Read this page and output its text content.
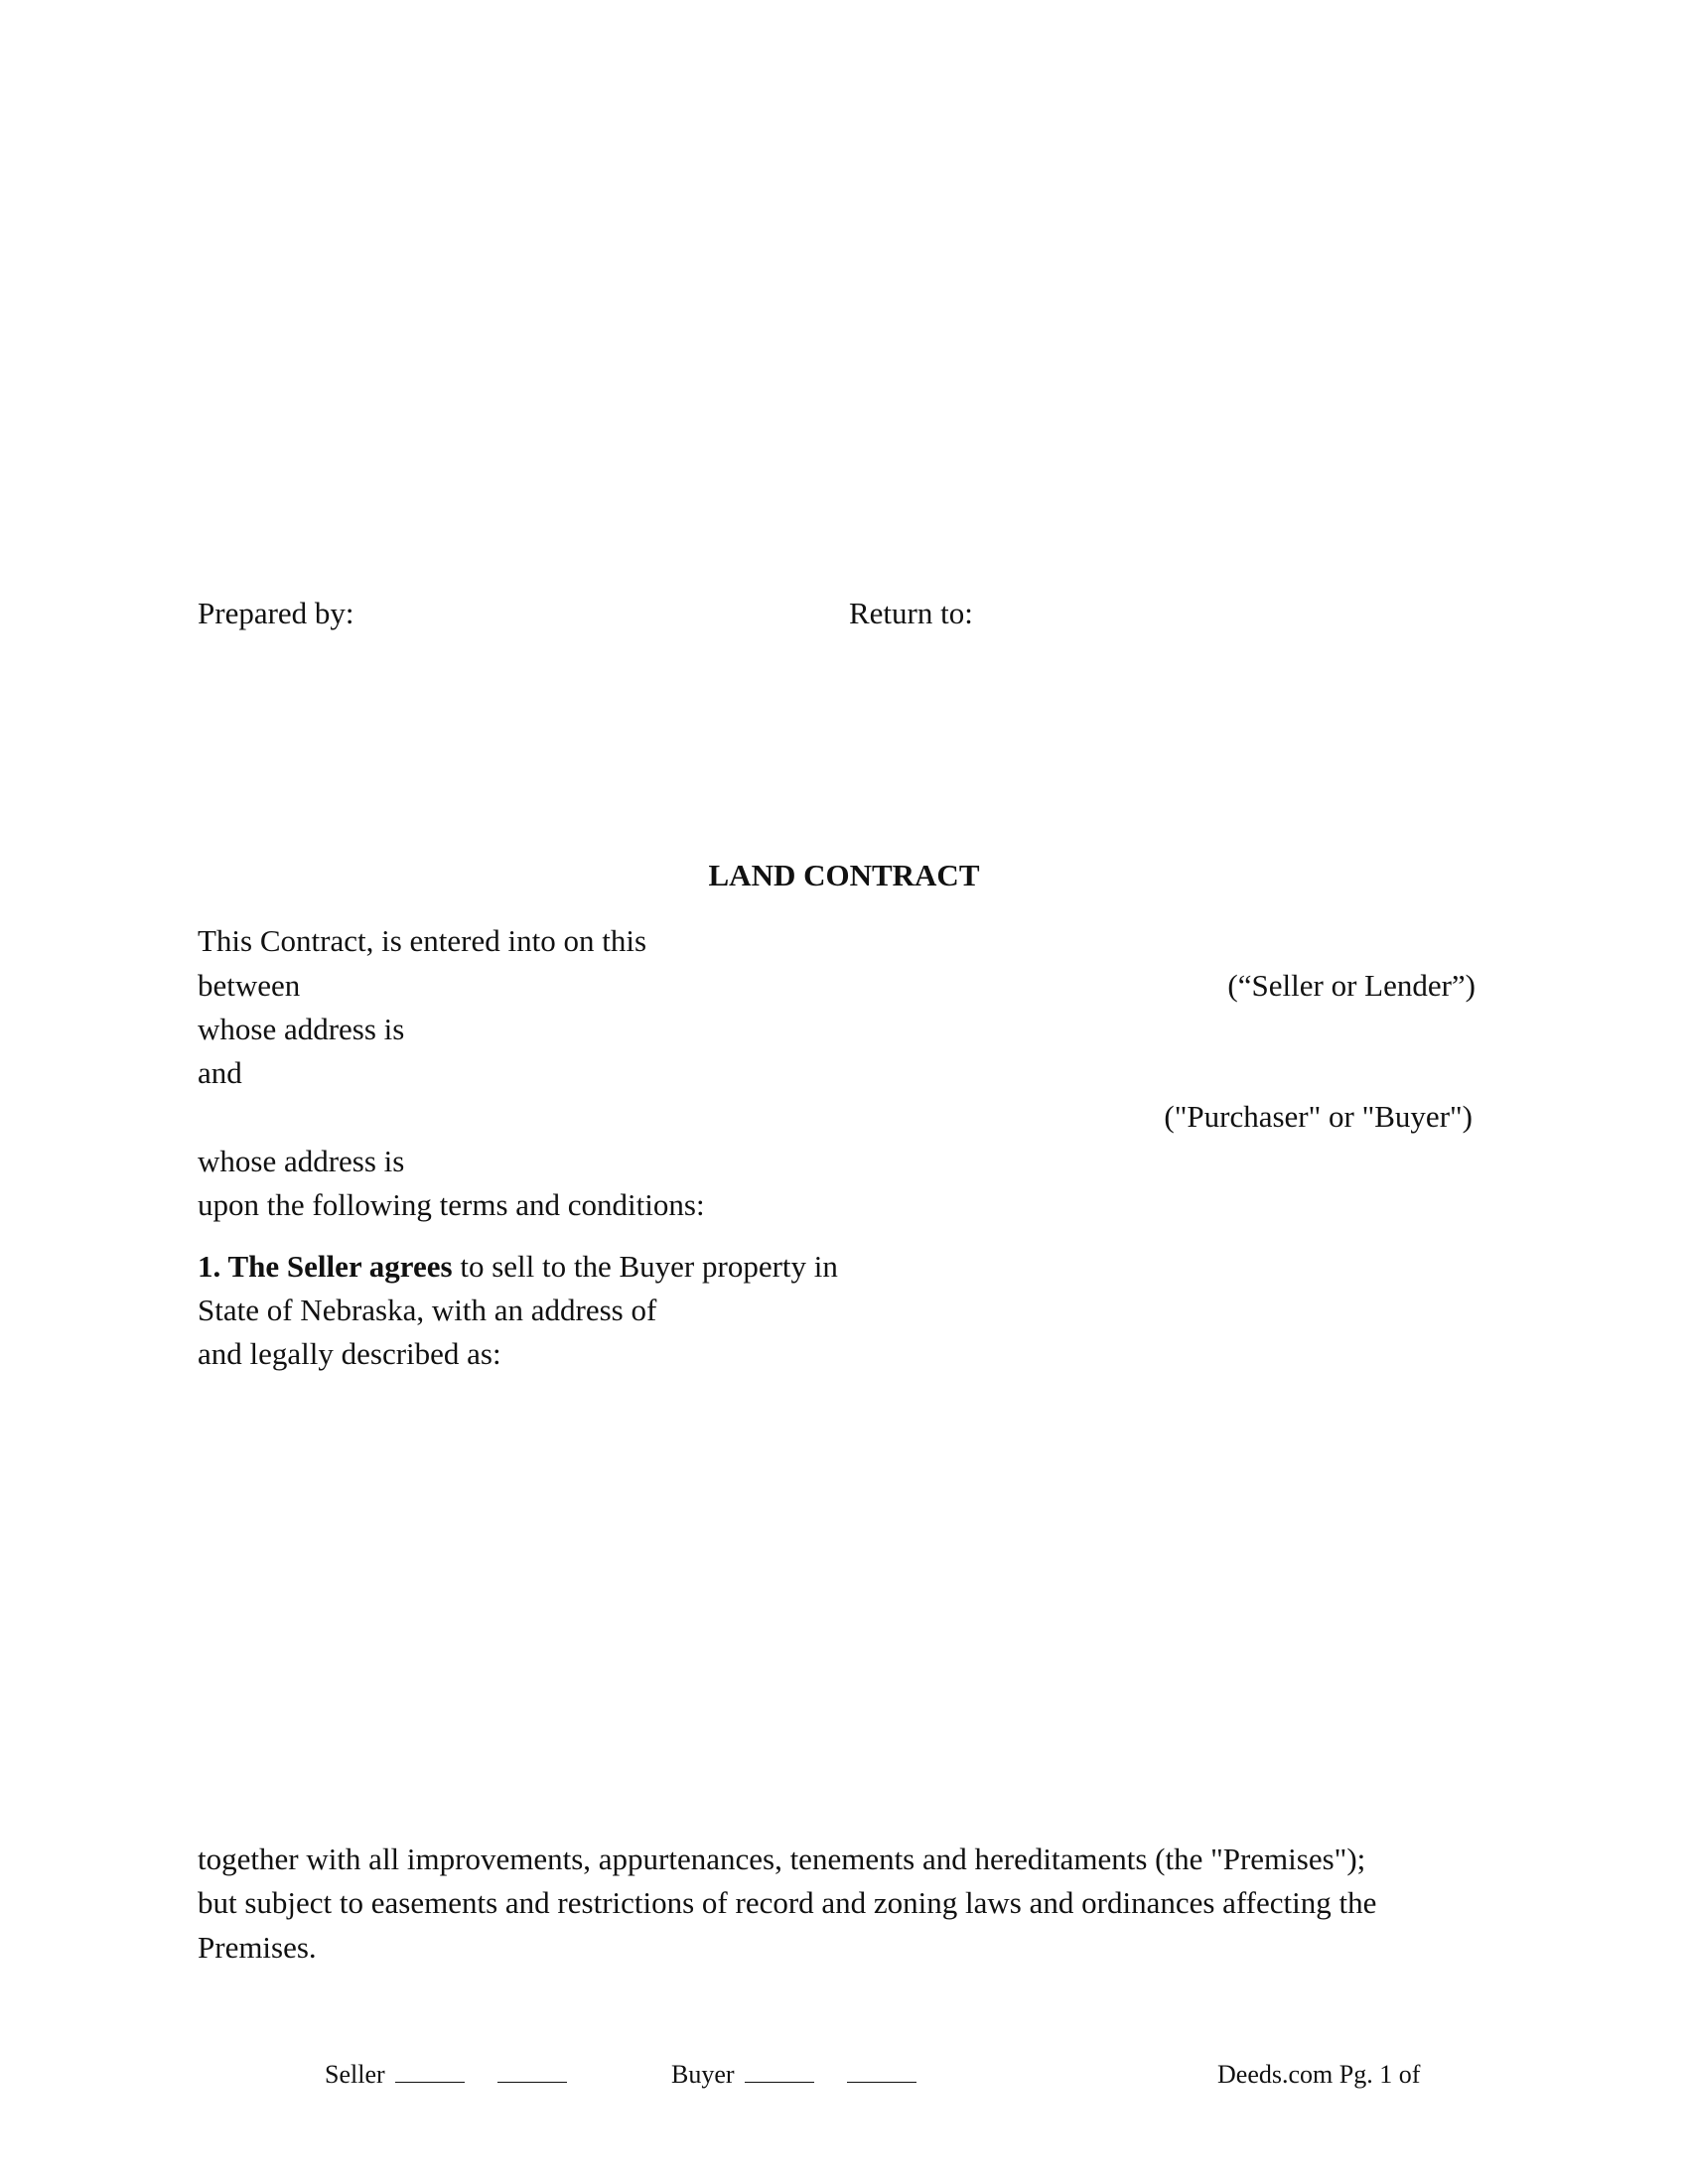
Prepared by:	Return to:
LAND CONTRACT
This Contract, is entered into on this
between	(“Seller or Lender”)
whose address is
and
("Purchaser" or "Buyer")
whose address is
upon the following terms and conditions:
1. The Seller agrees to sell to the Buyer property in
State of Nebraska, with an address of
and legally described as:
together with all improvements, appurtenances, tenements and hereditaments (the "Premises");
but subject to easements and restrictions of record and zoning laws and ordinances affecting the
Premises.
Seller	Buyer	Deeds.com Pg. 1 of
